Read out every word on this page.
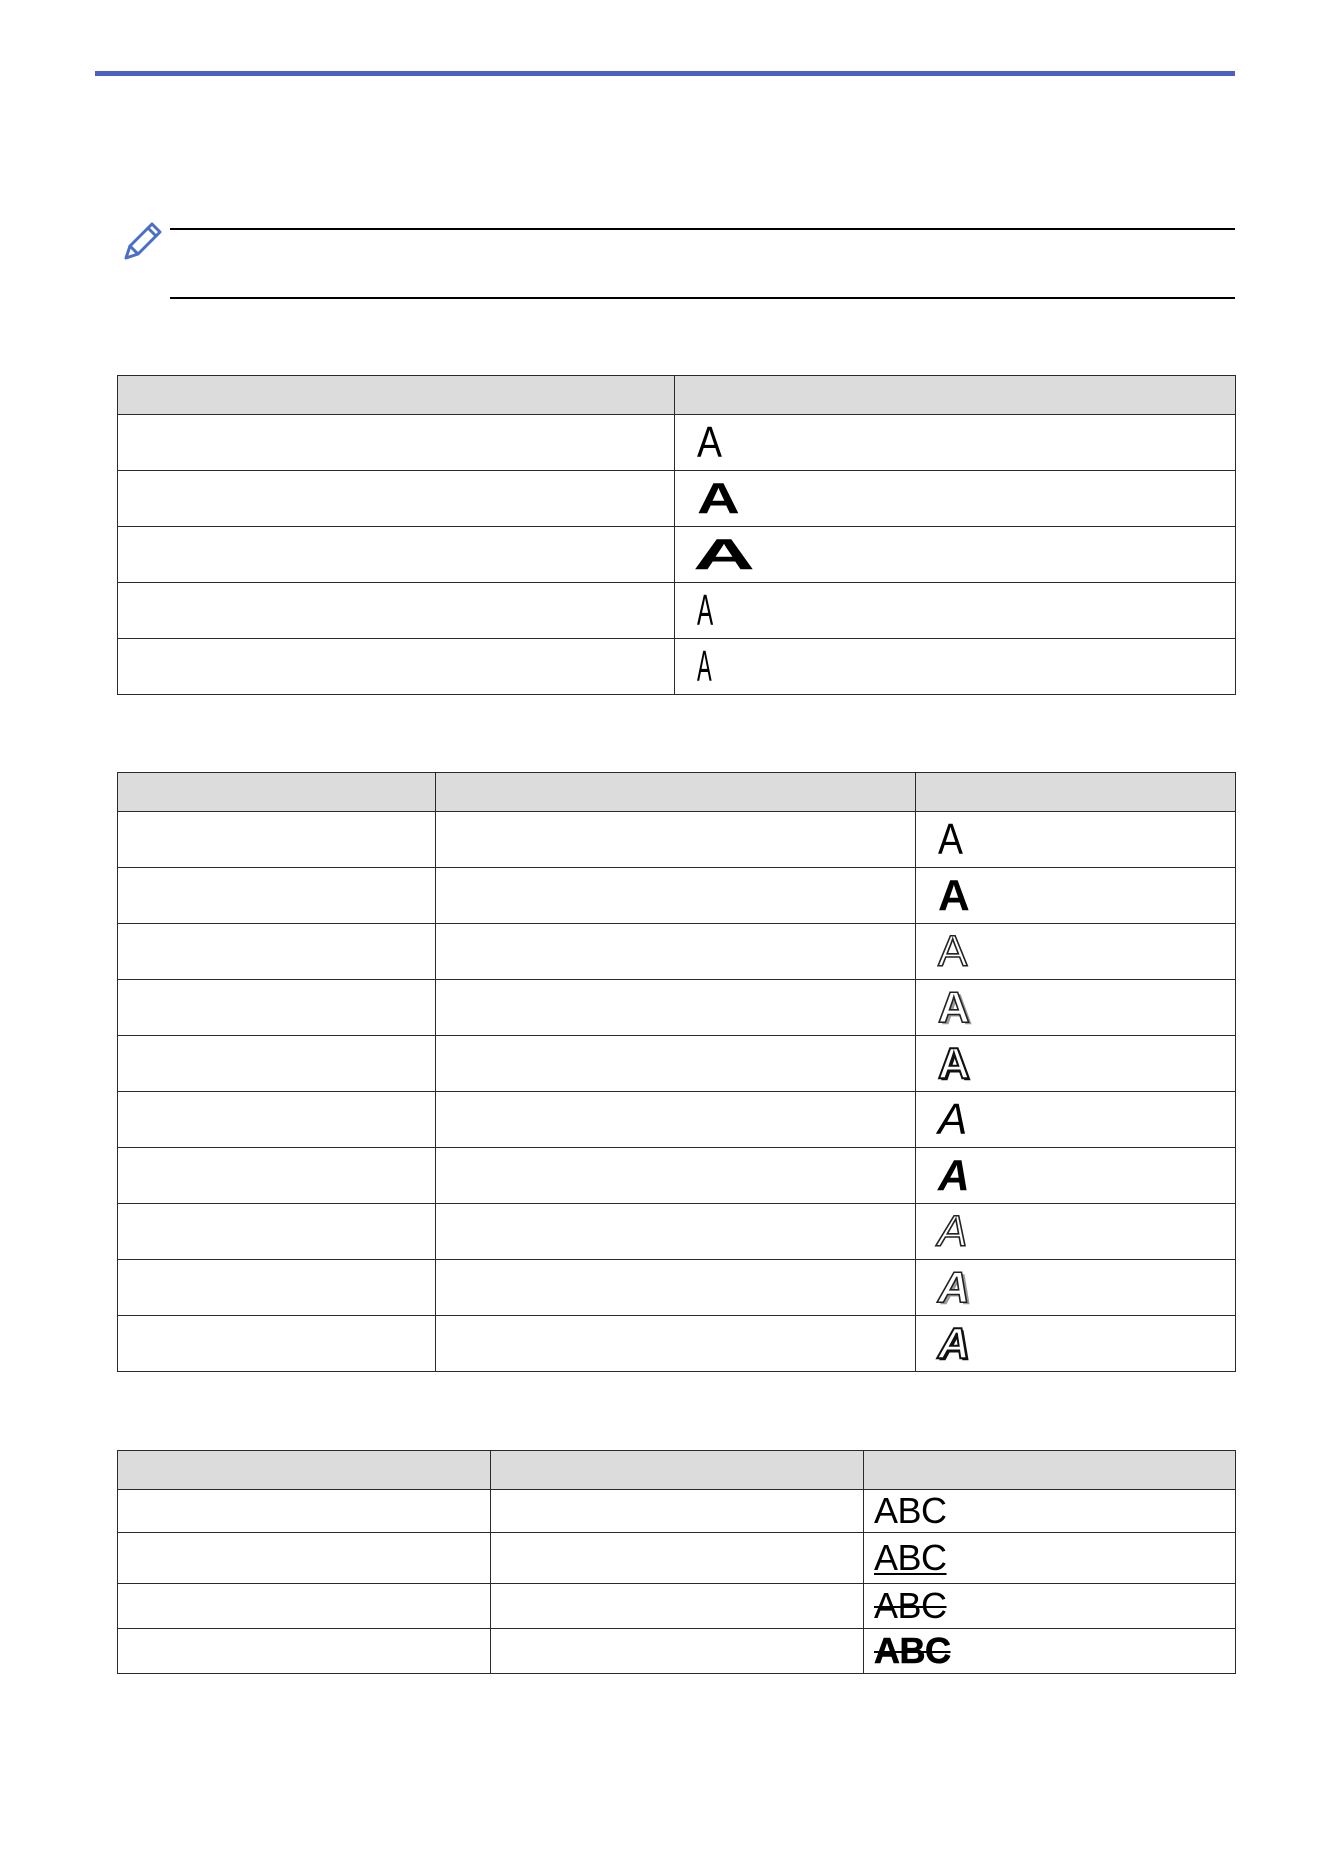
	A
	A
	A
	A
	A

		A
		A
		A
		A
		A
		A
		A
		A
		A
		A

		ABC
		ABC
		ABC
		ABC
